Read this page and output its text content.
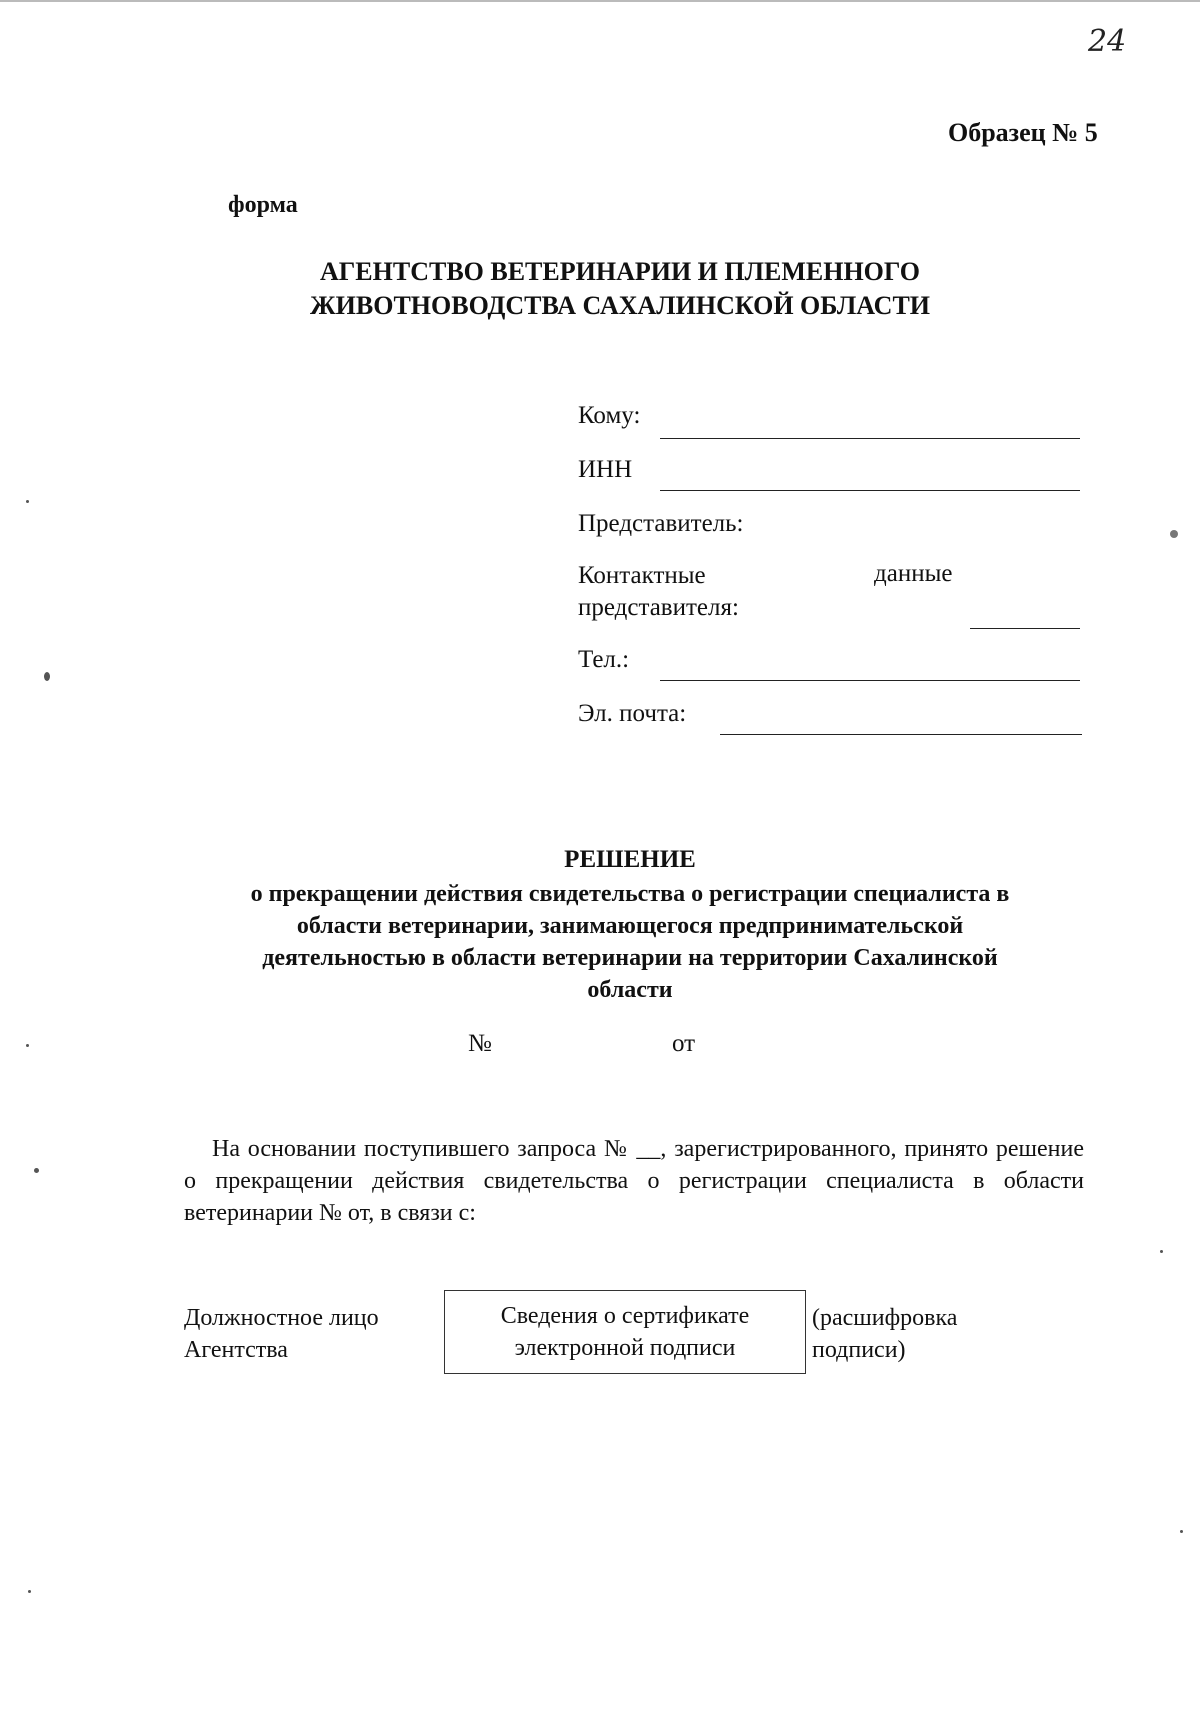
24
Образец № 5
форма
АГЕНТСТВО ВЕТЕРИНАРИИ И ПЛЕМЕННОГО
ЖИВОТНОВОДСТВА САХАЛИНСКОЙ ОБЛАСТИ
Кому:
ИНН
Представитель:
Контактные	данные
представителя:
Тел.:
Эл. почта:
РЕШЕНИЕ
о прекращении действия свидетельства о регистрации специалиста в
области ветеринарии, занимающегося предпринимательской
деятельностью в области ветеринарии на территории Сахалинской
области
№	от
На основании поступившего запроса № __, зарегистрированного, принято решение о прекращении действия свидетельства о регистрации специалиста в области ветеринарии № от, в связи с:
Должностное лицо
Агентства
Сведения о сертификате
электронной подписи
(расшифровка
подписи)
